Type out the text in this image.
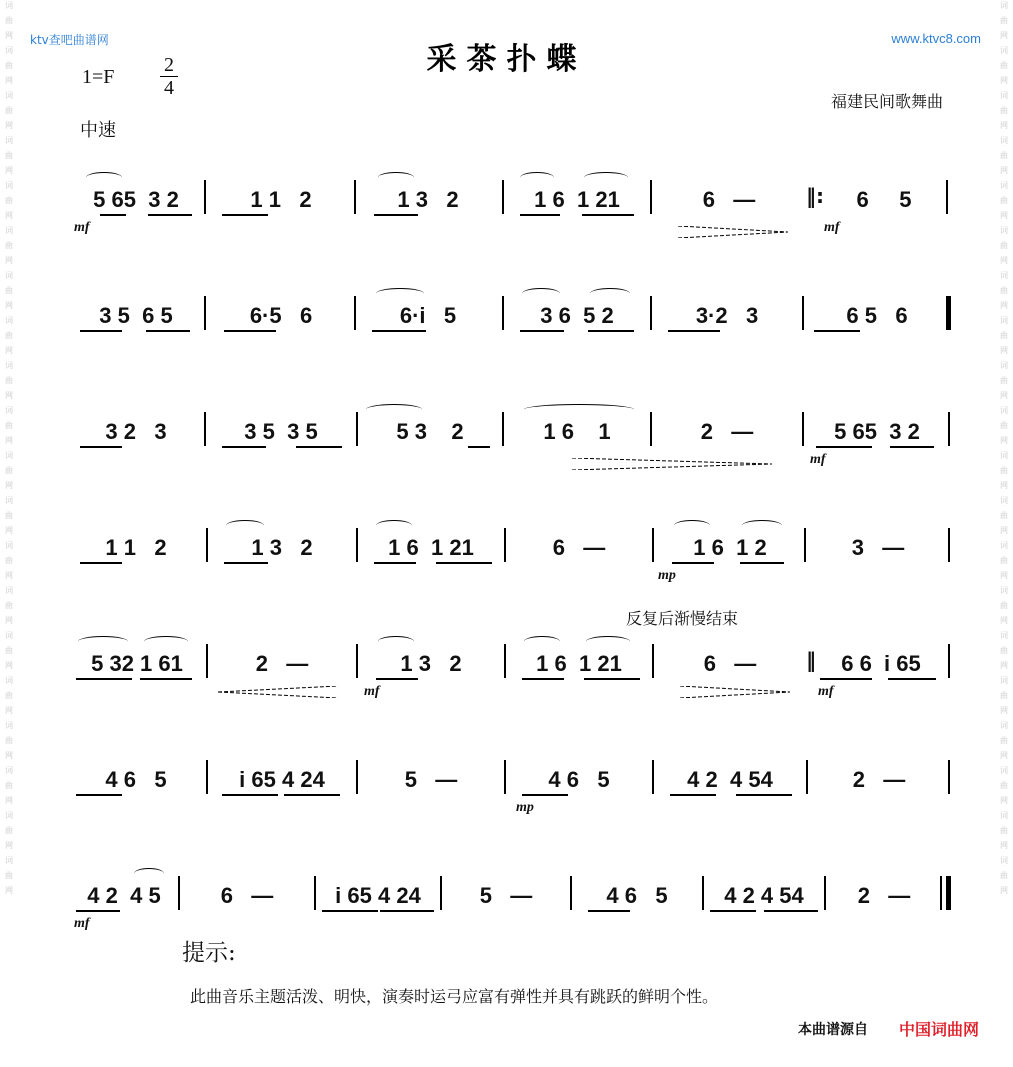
词
曲
网
词
曲
网
词
曲
网
词
曲
网
词
曲
网
词
曲
网
词
曲
网
词
曲
网
词
曲
网
词
曲
网
词
曲
网
词
曲
网
词
曲
网
词
曲
网
词
曲
网
词
曲
网
词
曲
网
词
曲
网
词
曲
网
词
曲
网
词
曲
网
词
曲
网
词
曲
网
词
曲
网
词
曲
网
词
曲
网
词
曲
网
词
曲
网
词
曲
网
词
曲
网
词
曲
网
词
曲
网
词
曲
网
词
曲
网
词
曲
网
词
曲
网
词
曲
网
词
曲
网
词
曲
网
词
曲
网
ktv查吧曲谱网	www.ktvc8.com
采茶扑蝶
1=F
2
4
中速
福建民间歌舞曲
5 65  3 2	1 1   2	1 3   2	1 6  1 21	6   —	‖:	6     5
mf	mf
3 5  6 5	6·5   6	6·i   5	3 6  5 2	3·2   3	6 5   6
3 2   3	3 5  3 5	5 3    2	1 6    1	2   —	5 65  3 2
mf
1 1   2	1 3   2	1 6  1 21	6   —	1 6  1 2	3   —
mp
反复后渐慢结束
5 32 1 61	2   —	1 3   2	1 6  1 21	6   —	‖	6 6  i 65
mf	mf
4 6   5	i 65 4 24	5   —	4 6   5	4 2  4 54	2   —
mp
4 2  4 5	6   —	i 65 4 24	5   —	4 6   5	4 2 4 54	2   —
mf
提示:
此曲音乐主题活泼、明快，演奏时运弓应富有弹性并具有跳跃的鲜明个性。
本曲谱源自 中国词曲网
